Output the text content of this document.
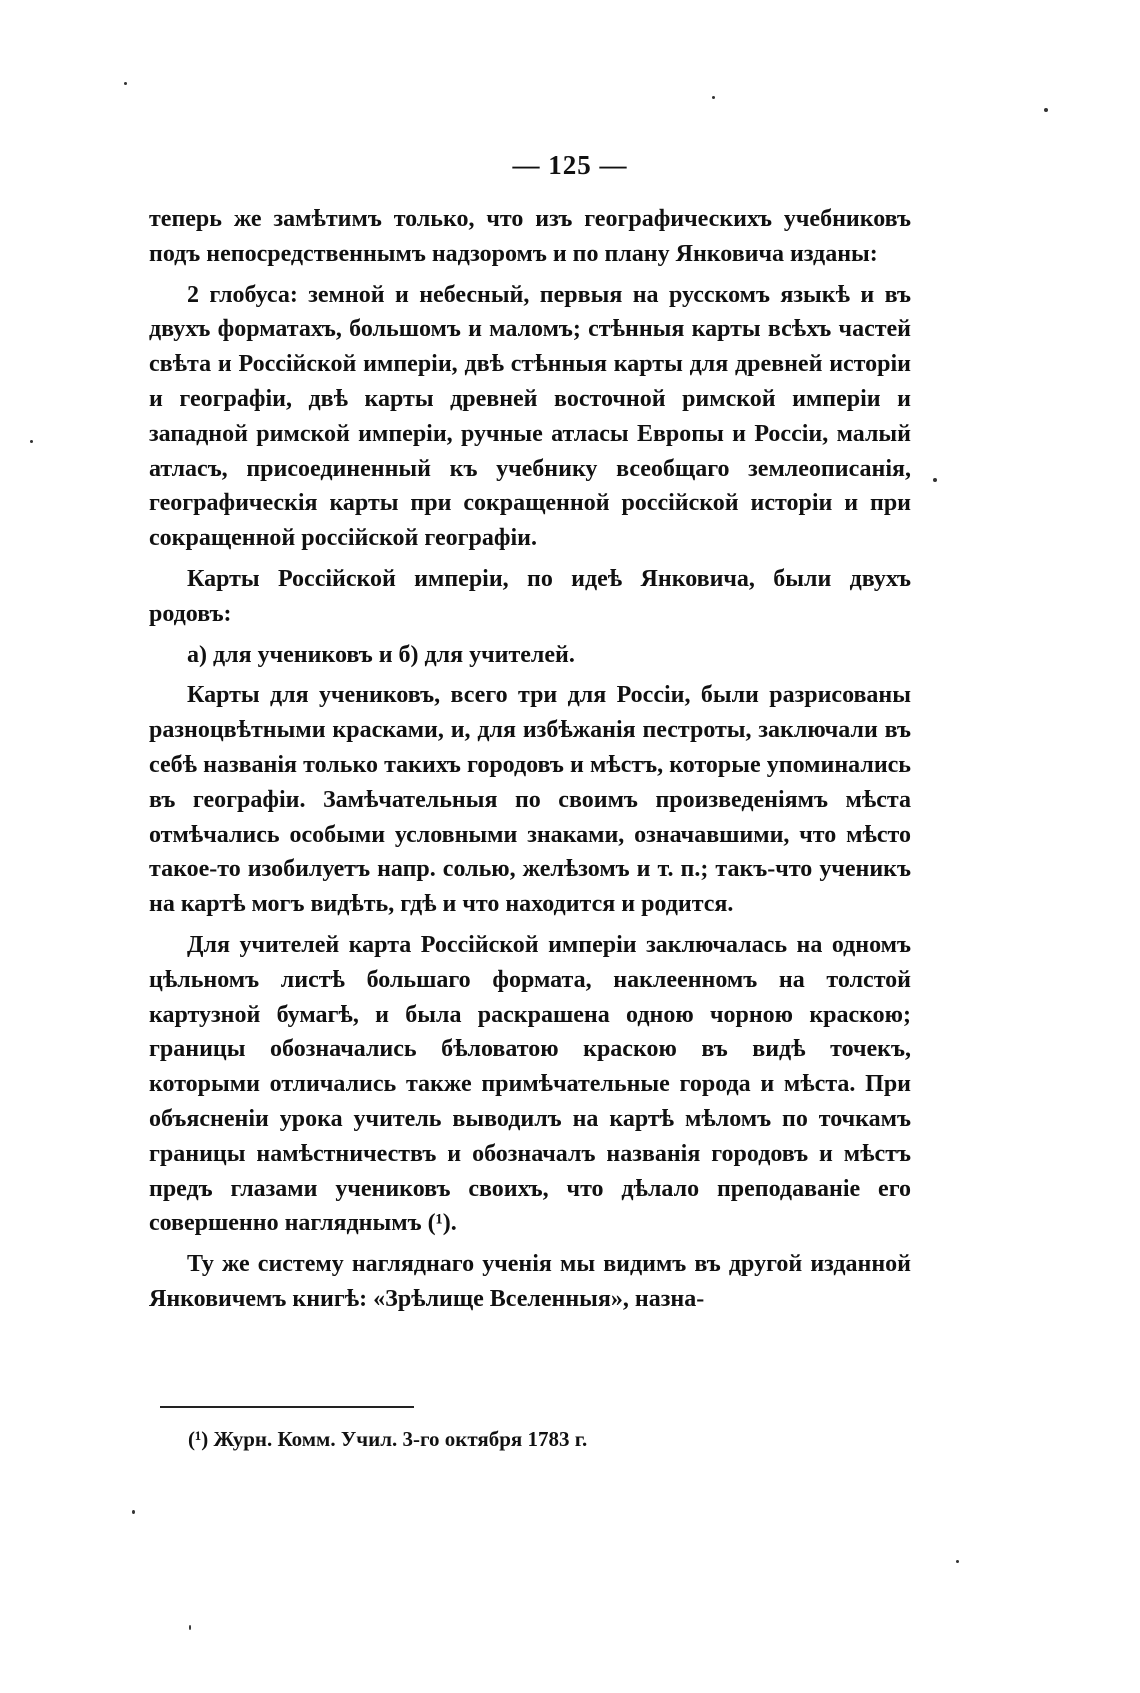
— 125 —

теперь же замѣтимъ только, что изъ географическихъ учебниковъ подъ непосредственнымъ надзоромъ и по плану Янковича изданы:

2 глобуса: земной и небесный, первыя на русскомъ языкѣ и въ двухъ форматахъ, большомъ и маломъ; стѣнныя карты всѣхъ частей свѣта и Россійской имперіи, двѣ стѣнныя карты для древней исторіи и географіи, двѣ карты древней восточной римской имперіи и западной римской имперіи, ручные атласы Европы и Россіи, малый атласъ, присоединенный къ учебнику всеобщаго землеописанія, географическія карты при сокращенной россійской исторіи и при сокращенной россійской географіи.

Карты Россійской имперіи, по идеѣ Янковича, были двухъ родовъ:

а) для учениковъ и б) для учителей.

Карты для учениковъ, всего три для Россіи, были разрисованы разноцвѣтными красками, и, для избѣжанія пестроты, заключали въ себѣ названія только такихъ городовъ и мѣстъ, которые упоминались въ географіи. Замѣчательныя по своимъ произведеніямъ мѣста отмѣчались особыми условными знаками, означавшими, что мѣсто такое-то изобилуетъ напр. солью, желѣзомъ и т. п.; такъ-что ученикъ на картѣ могъ видѣть, гдѣ и что находится и родится.

Для учителей карта Россійской имперіи заключалась на одномъ цѣльномъ листѣ большаго формата, наклеенномъ на толстой картузной бумагѣ, и была раскрашена одною чорною краскою; границы обозначались бѣловатою краскою въ видѣ точекъ, которыми отличались также примѣчательные города и мѣста. При объясненіи урока учитель выводилъ на картѣ мѣломъ по точкамъ границы намѣстничествъ и обозначалъ названія городовъ и мѣстъ предъ глазами учениковъ своихъ, что дѣлало преподаваніе его совершенно нагляднымъ (¹).

Ту же систему нагляднаго ученія мы видимъ въ другой изданной Янковичемъ книгѣ: «Зрѣлище Вселенныя», назна-

(¹) Журн. Комм. Учил. 3-го октября 1783 г.
